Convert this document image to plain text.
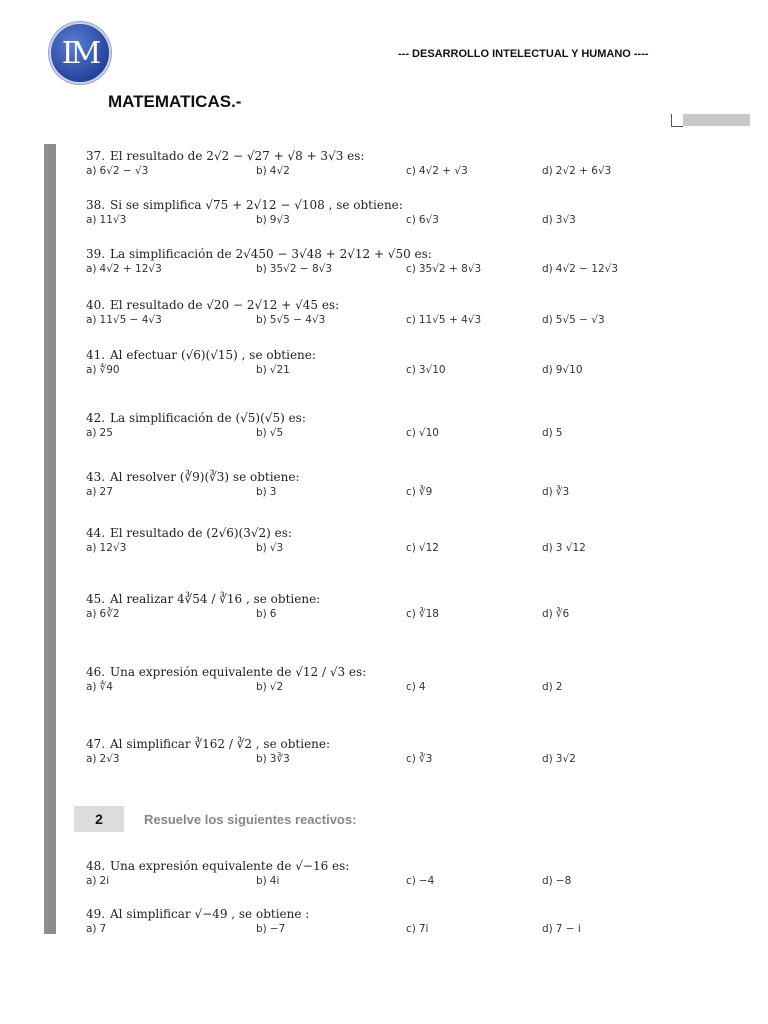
IM	--- DESARROLLO INTELECTUAL Y HUMANO ----
MATEMATICAS.-
37. El resultado de 2√2 − √27 + √8 + 3√3 es:
a) 6√2 − √3	b) 4√2	c) 4√2 + √3	d) 2√2 + 6√3
38. Si se simplifica √75 + 2√12 − √108 , se obtiene:
a) 11√3	b) 9√3	c) 6√3	d) 3√3
39. La simplificación de 2√450 − 3√48 + 2√12 + √50 es:
a) 4√2 + 12√3	b) 35√2 − 8√3	c) 35√2 + 8√3	d) 4√2 − 12√3
40. El resultado de √20 − 2√12 + √45 es:
a) 11√5 − 4√3	b) 5√5 − 4√3	c) 11√5 + 4√3	d) 5√5 − √3
41. Al efectuar (√6)(√15) , se obtiene:
a) ∜90	b) √21	c) 3√10	d) 9√10
42. La simplificación de (√5)(√5) es:
a) 25	b) √5	c) √10	d) 5
43. Al resolver (∛9)(∛3) se obtiene:
a) 27	b) 3	c) ∛9	d) ∛3
44. El resultado de (2√6)(3√2) es:
a) 12√3	b) √3	c) √12	d) 3 √12
45. Al realizar 4∛54 / ∛16 , se obtiene:
a) 6∛2	b) 6	c) ∛18	d) ∛6
46. Una expresión equivalente de √12 / √3 es:
a) ∜4	b) √2	c) 4	d) 2
47. Al simplificar ∛162 / ∛2 , se obtiene:
a) 2√3	b) 3∛3	c) ∛3	d) 3√2
48. Una expresión equivalente de √−16 es:
a) 2i	b) 4i	c) −4	d) −8
49. Al simplificar √−49 , se obtiene :
a) 7	b) −7	c) 7i	d) 7 − i
2	Resuelve los siguientes reactivos:
